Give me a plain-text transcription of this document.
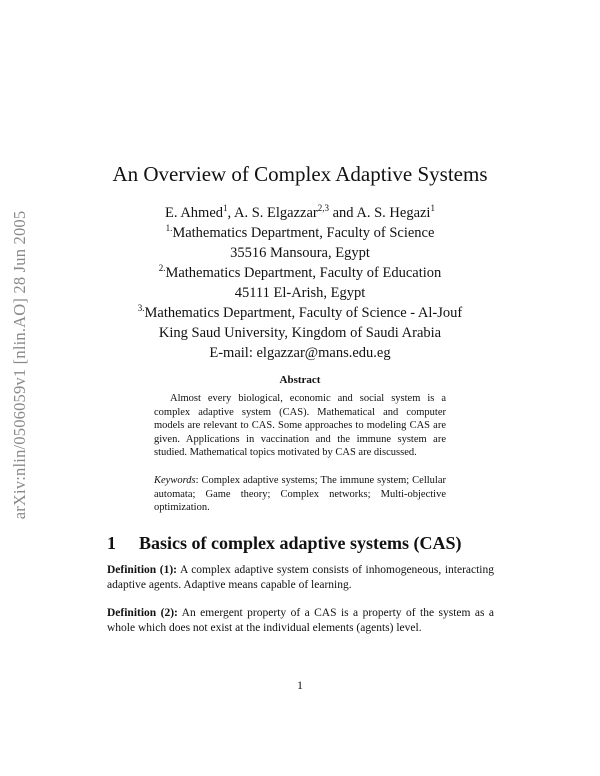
arXiv:nlin/0506059v1 [nlin.AO] 28 Jun 2005
An Overview of Complex Adaptive Systems
E. Ahmed$^1$, A. S. Elgazzar$^{2,3}$ and A. S. Hegazi$^1$
$^{1.}$Mathematics Department, Faculty of Science
35516 Mansoura, Egypt
$^{2.}$Mathematics Department, Faculty of Education
45111 El-Arish, Egypt
$^{3.}$Mathematics Department, Faculty of Science - Al-Jouf
King Saud University, Kingdom of Saudi Arabia
E-mail: elgazzar@mans.edu.eg
Abstract

Almost every biological, economic and social system is a complex adaptive system (CAS). Mathematical and computer models are relevant to CAS. Some approaches to modeling CAS are given. Applications in vaccination and the immune system are studied. Mathematical topics motivated by CAS are discussed.

Keywords: Complex adaptive systems; The immune system; Cellular automata; Game theory; Complex networks; Multi-objective optimization.

1 Basics of complex adaptive systems (CAS)

Definition (1): A complex adaptive system consists of inhomogeneous, interacting adaptive agents. Adaptive means capable of learning.

Definition (2): An emergent property of a CAS is a property of the system as a whole which does not exist at the individual elements (agents) level.

1
